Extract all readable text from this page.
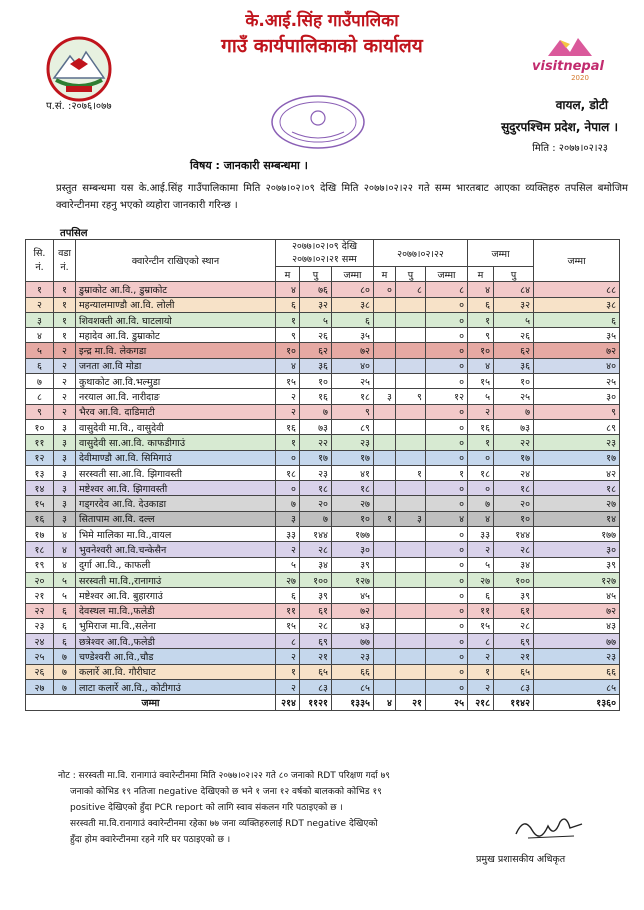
के.आई.सिंह गाउँपालिका
गाउँ कार्यपालिकाको कार्यालय
visitnepal
2020
प.सं. :२०७६।०७७	वायल, डोटी
सुदुरपश्चिम प्रदेश, नेपाल ।
मिति : २०७७।०२।२३
विषय : जानकारी सम्बन्धमा ।
प्रस्तुत सम्बन्धमा यस के.आई.सिंह गाउँपालिकामा मिति २०७७।०२।०९ देखि मिति २०७७।०२।२२ गते सम्म भारतबाट आएका व्यक्तिहरु तपसिल बमोजिम क्वारेन्टीनमा रहनु भएको व्यहोरा जानकारी गरिन्छ ।
तपसिल
सि. नं.	वडा नं.	क्वारेन्टीन राखिएको स्थान	२०७७।०२।०९ देखि २०७७।०२।२१ सम्म			२०७७।०२।२२			जम्मा		जम्मा
			म	पु	जम्मा	म	पु	जम्मा	म	पु	
१	१	डुम्राकोट आ.वि., डुम्राकोट	४	७६	८०	०	८	८	४	८४	८८
२	१	महन्यालमाण्डौ आ.वि. लोली	६	३२	३८			०	६	३२	३८
३	१	शिवशक्ती आ.वि. घाटलायो	१	५	६			०	१	५	६
४	१	महादेव आ.वि. डुम्राकोट	९	२६	३५			०	९	२६	३५
५	२	इन्द्र मा.वि. लेकगडा	१०	६२	७२			०	१०	६२	७२
६	२	जनता आ.वि मोडा	४	३६	४०			०	४	३६	४०
७	२	कुथाकोट आ.वि.भल्मुडा	१५	१०	२५			०	१५	१०	२५
८	२	नरयाल आ.वि. नारीदाङ	२	१६	१८	३	९	१२	५	२५	३०
९	२	भैरव आ.वि. दाडिमाटी	२	७	९			०	२	७	९
१०	३	वासुदेवी मा.वि., वासुदेवी	१६	७३	८९			०	१६	७३	८९
११	३	वासुदेवी सा.आ.वि. काफडीगाउं	१	२२	२३			०	१	२२	२३
१२	३	देवीमाण्डौ आ.वि. सिमिगाउं	०	१७	१७			०	०	१७	१७
१३	३	सरस्वती सा.आ.वि. झिगावस्ती	१८	२३	४१		१	१	१८	२४	४२
१४	३	मष्टेश्वर आ.वि. झिगावस्ती	०	१८	१८			०	०	१८	१८
१५	३	गड्गरदेव आ.वि. देउकाडा	७	२०	२७			०	७	२०	२७
१६	३	सितापाम आ.वि. दल्ल	३	७	१०	१	३	४	४	१०	१४
१७	४	भिमे मालिका मा.वि.,वायल	३३	१४४	१७७			०	३३	१४४	१७७
१८	४	भुवनेश्वरी आ.वि.चन्केसैन	२	२८	३०			०	२	२८	३०
१९	४	दुर्गा आ.वि., काफली	५	३४	३९			०	५	३४	३९
२०	५	सरस्वती मा.वि.,रानागाउं	२७	१००	१२७			०	२७	१००	१२७
२१	५	मष्टेश्वर आ.वि. बुहारगाउं	६	३९	४५			०	६	३९	४५
२२	६	देवस्थल मा.वि.,फलेडी	११	६१	७२			०	११	६१	७२
२३	६	भुमिराज मा.वि.,सलेना	१५	२८	४३			०	१५	२८	४३
२४	६	छत्रेश्वर आ.वि.,फलेडी	८	६९	७७			०	८	६९	७७
२५	७	चण्डेश्वरी आ.वि.,चौड	२	२१	२३			०	२	२१	२३
२६	७	कलार्रे आ.वि. गौरीघाट	१	६५	६६			०	१	६५	६६
२७	७	लाटा कलार्रे आ.वि., कोटीगाउं	२	८३	८५			०	२	८३	८५
जम्मा			२१४	११२१	१३३५	४	२१	२५	२१८	११४२	१३६०
नोट : सरस्वती मा.वि. रानागाउं क्वारेन्टीनमा मिति २०७७।०२।२२ गते ८० जनाको RDT परिक्षण गर्दा ७९
जनाको कोभिड १९ नतिजा negative देखिएको छ भने १ जना १२ वर्षको बालकको कोभिड १९
positive देखिएको हुँदा PCR report को लागि स्वाव संकलन गरि पठाइएको छ ।
सरस्वती मा.वि.रानागाउं क्वारेन्टीनमा रहेका ७७ जना व्यक्तिहरुलाई RDT negative देखिएको
हुँदा होम क्वारेन्टीनमा रहने गरि घर पठाइएको छ ।
प्रमुख प्रशासकीय अधिकृत
